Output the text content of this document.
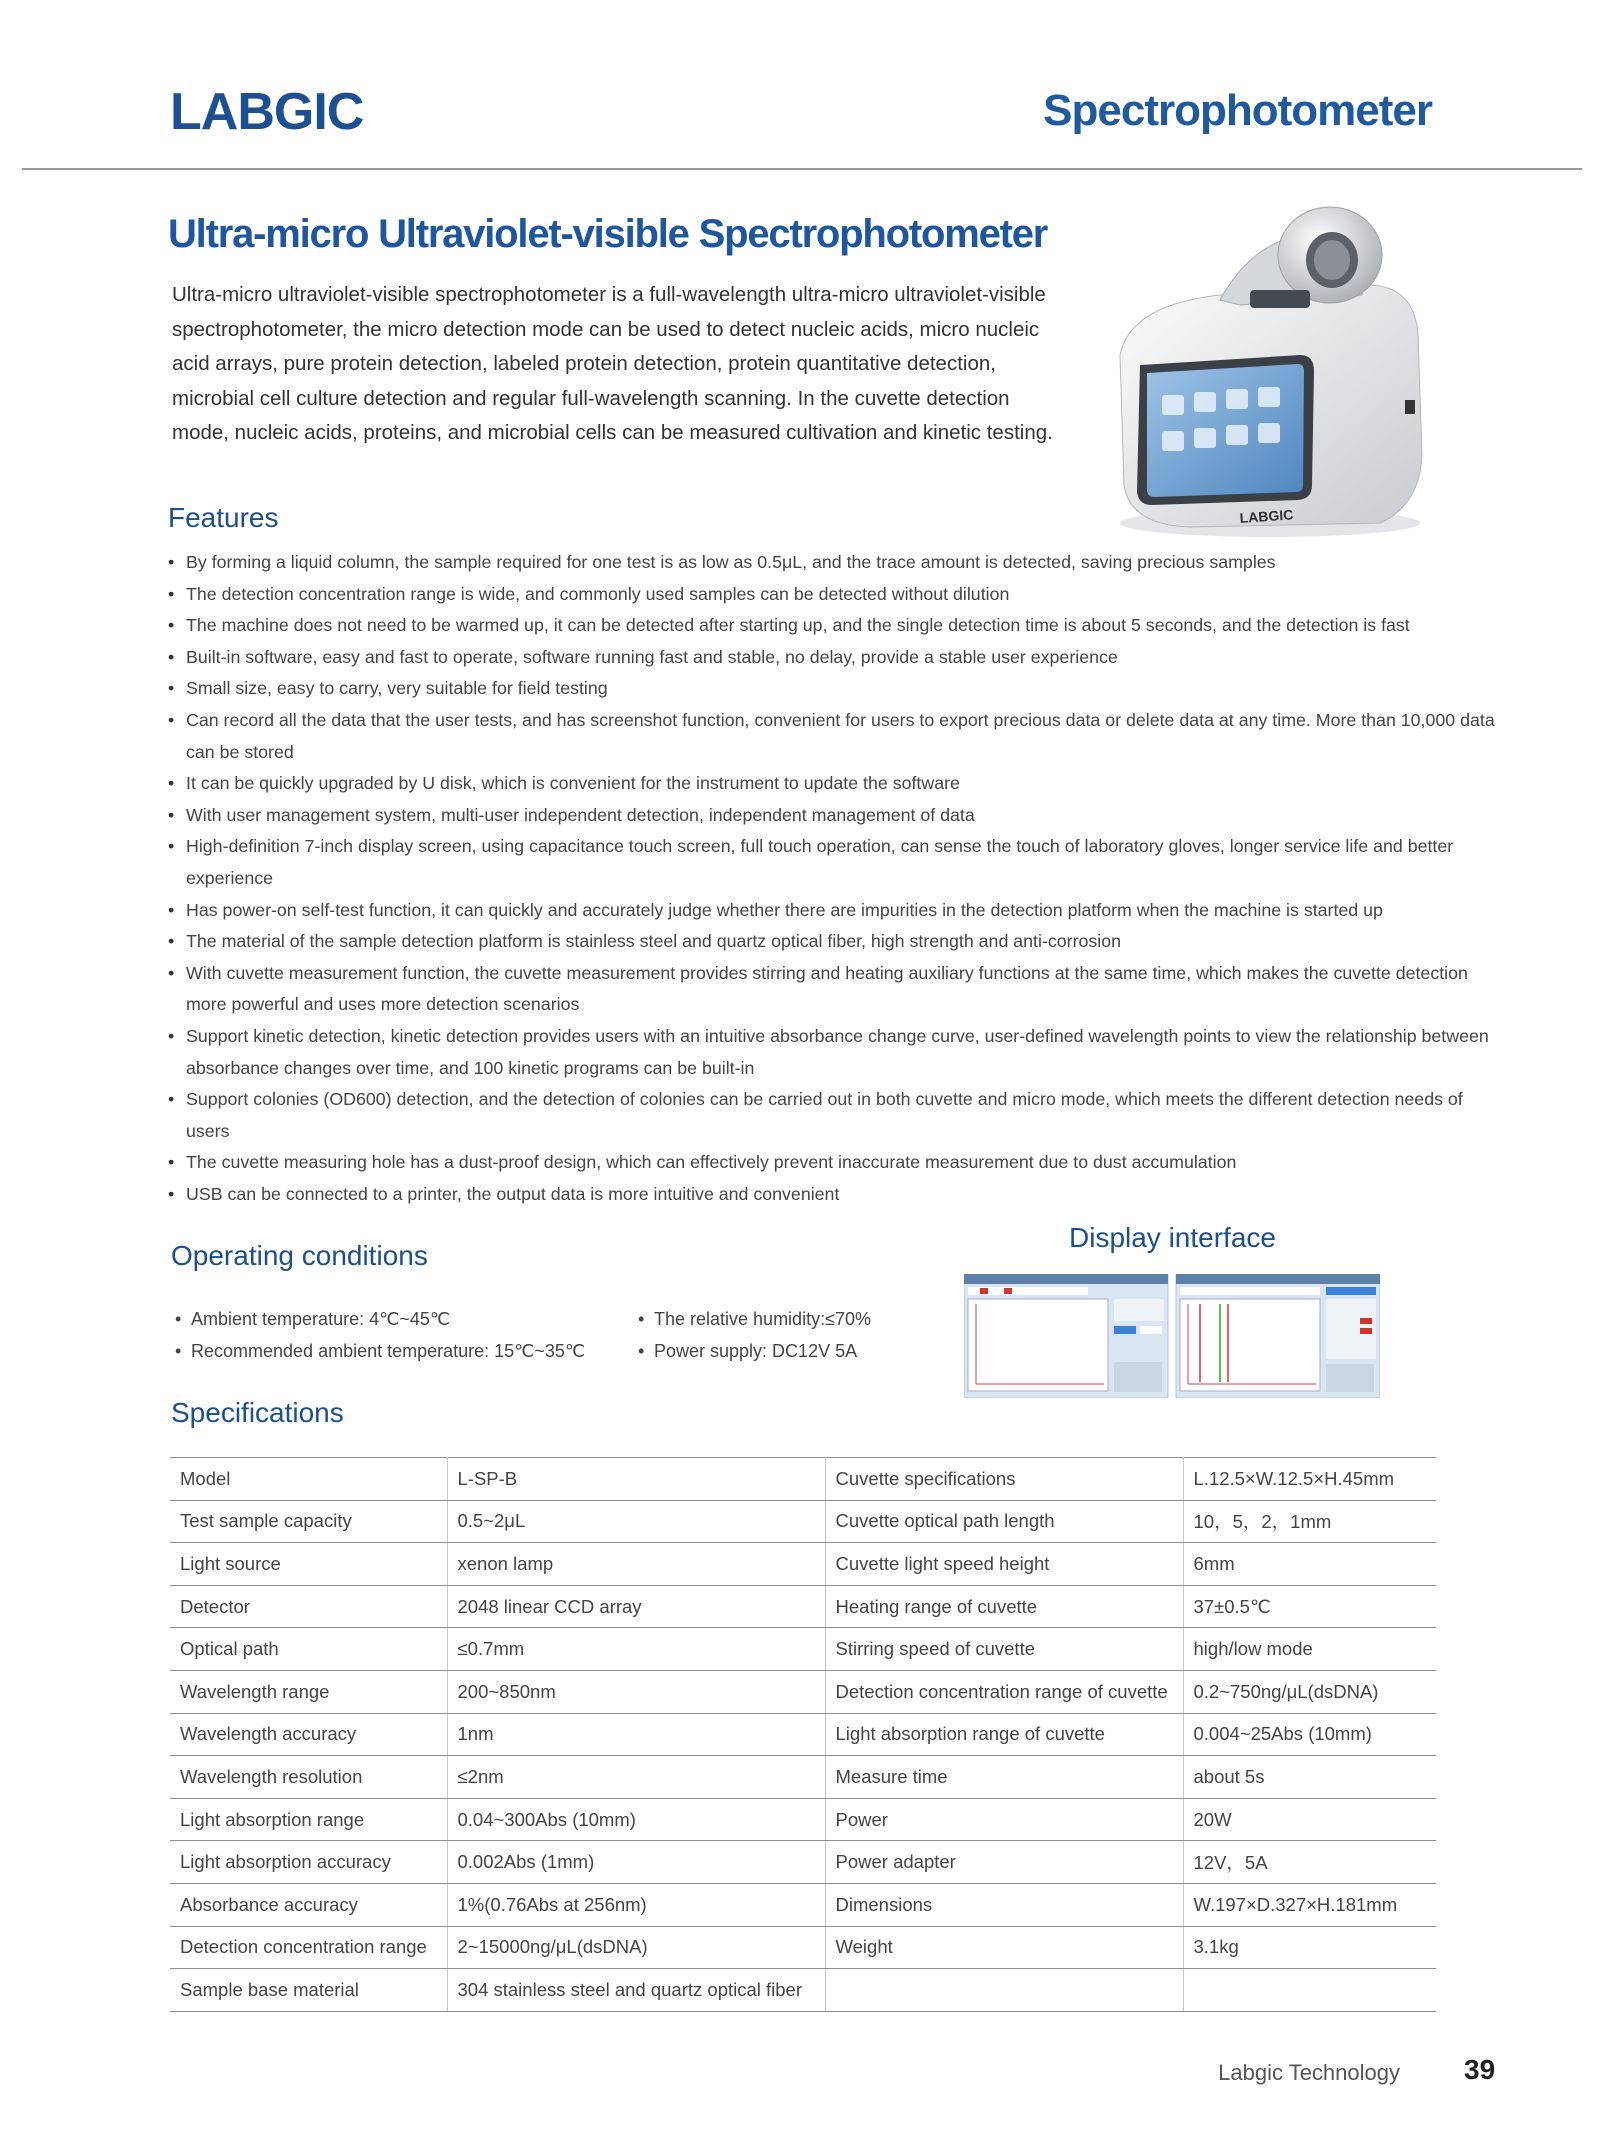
LABGIC	Spectrophotometer
Ultra-micro Ultraviolet-visible Spectrophotometer

Ultra-micro ultraviolet-visible spectrophotometer is a full-wavelength ultra-micro ultraviolet-visible

spectrophotometer, the micro detection mode can be used to detect nucleic acids, micro nucleic

acid arrays, pure protein detection, labeled protein detection, protein quantitative detection,

microbial cell culture detection and regular full-wavelength scanning. In the cuvette detection

mode, nucleic acids, proteins, and microbial cells can be measured cultivation and kinetic testing.

LABGIC
Features
• By forming a liquid column, the sample required for one test is as low as 0.5μL, and the trace amount is detected, saving precious samples
• The detection concentration range is wide, and commonly used samples can be detected without dilution
• The machine does not need to be warmed up, it can be detected after starting up, and the single detection time is about 5 seconds, and the detection is fast
• Built-in software, easy and fast to operate, software running fast and stable, no delay, provide a stable user experience
• Small size, easy to carry, very suitable for field testing
• Can record all the data that the user tests, and has screenshot function, convenient for users to export precious data or delete data at any time. More than 10,000 data can be stored
• It can be quickly upgraded by U disk, which is convenient for the instrument to update the software
• With user management system, multi-user independent detection, independent management of data
• High-definition 7-inch display screen, using capacitance touch screen, full touch operation, can sense the touch of laboratory gloves, longer service life and better experience
• Has power-on self-test function, it can quickly and accurately judge whether there are impurities in the detection platform when the machine is started up
• The material of the sample detection platform is stainless steel and quartz optical fiber, high strength and anti-corrosion
• With cuvette measurement function, the cuvette measurement provides stirring and heating auxiliary functions at the same time, which makes the cuvette detection more powerful and uses more detection scenarios
• Support kinetic detection, kinetic detection provides users with an intuitive absorbance change curve, user-defined wavelength points to view the relationship between absorbance changes over time, and 100 kinetic programs can be built-in
• Support colonies (OD600) detection, and the detection of colonies can be carried out in both cuvette and micro mode, which meets the different detection needs of users
• The cuvette measuring hole has a dust-proof design, which can effectively prevent inaccurate measurement due to dust accumulation
• USB can be connected to a printer, the output data is more intuitive and convenient
Display interface
Operating conditions
• Ambient temperature: 4℃~45℃
• Recommended ambient temperature: 15℃~35℃
• The relative humidity:≤70%
• Power supply: DC12V 5A
Specifications
Model	L-SP-B	Cuvette specifications	L.12.5×W.12.5×H.45mm
Test sample capacity	0.5~2μL	Cuvette optical path length	10，5，2，1mm
Light source	xenon lamp	Cuvette light speed height	6mm
Detector	2048 linear CCD array	Heating range of cuvette	37±0.5℃
Optical path	≤0.7mm	Stirring speed of cuvette	high/low mode
Wavelength range	200~850nm	Detection concentration range of cuvette	0.2~750ng/μL(dsDNA)
Wavelength accuracy	1nm	Light absorption range of cuvette	0.004~25Abs (10mm)
Wavelength resolution	≤2nm	Measure time	about 5s
Light absorption range	0.04~300Abs (10mm)	Power	20W
Light absorption accuracy	0.002Abs (1mm)	Power adapter	12V，5A
Absorbance accuracy	1%(0.76Abs at 256nm)	Dimensions	W.197×D.327×H.181mm
Detection concentration range	2~15000ng/μL(dsDNA)	Weight	3.1kg
Sample base material	304 stainless steel and quartz optical fiber		
Labgic Technology 39
